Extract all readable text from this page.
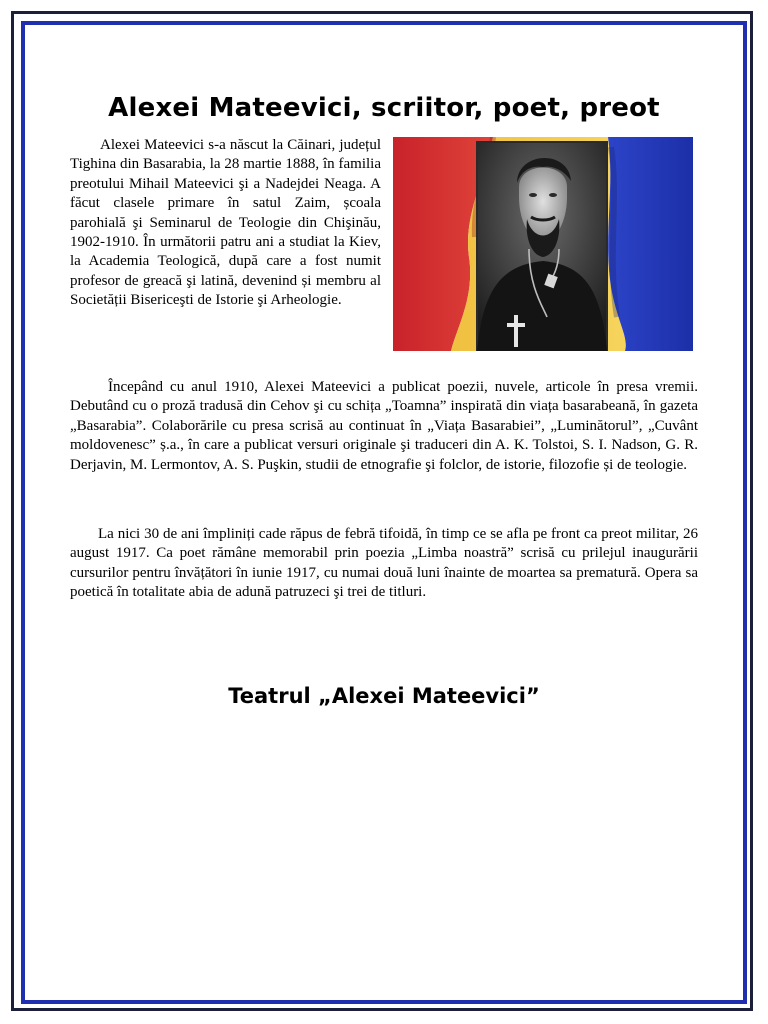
Alexei Mateevici, scriitor, poet, preot
Alexei Mateevici s-a născut la Căinari, județul Tighina din Basarabia, la 28 martie 1888, în familia preotului Mihail Mateevici şi a Nadejdei Neaga. A făcut clasele primare în satul Zaim, școala parohială şi Seminarul de Teologie din Chişinău, 1902-1910. În următorii patru ani a studiat la Kiev, la Academia Teologică, după care a fost numit profesor de greacă şi latină, devenind și membru al Societății Bisericeşti de Istorie şi Arheologie.
Începând cu anul 1910, Alexei Mateevici a publicat poezii, nuvele, articole în presa vremii. Debutând cu o proză tradusă din Cehov şi cu schița „Toamna” inspirată din viața basarabeană, în gazeta „Basarabia”. Colaborările cu presa scrisă au continuat în „Viața Basarabiei”, „Luminătorul”, „Cuvânt moldovenesc” ș.a., în care a publicat versuri originale şi traduceri din A. K. Tolstoi, S. I. Nadson, G. R. Derjavin, M. Lermontov, A. S. Puşkin, studii de etnografie şi folclor, de istorie, filozofie și de teologie.
La nici 30 de ani împliniți cade răpus de febră tifoidă, în timp ce se afla pe front ca preot militar, 26 august 1917. Ca poet rămâne memorabil prin poezia „Limba noastră” scrisă cu prilejul inaugurării cursurilor pentru învățători în iunie 1917, cu numai două luni înainte de moartea sa prematură. Opera sa poetică în totalitate abia de adună patruzeci şi trei de titluri.
Teatrul „Alexei Mateevici”
